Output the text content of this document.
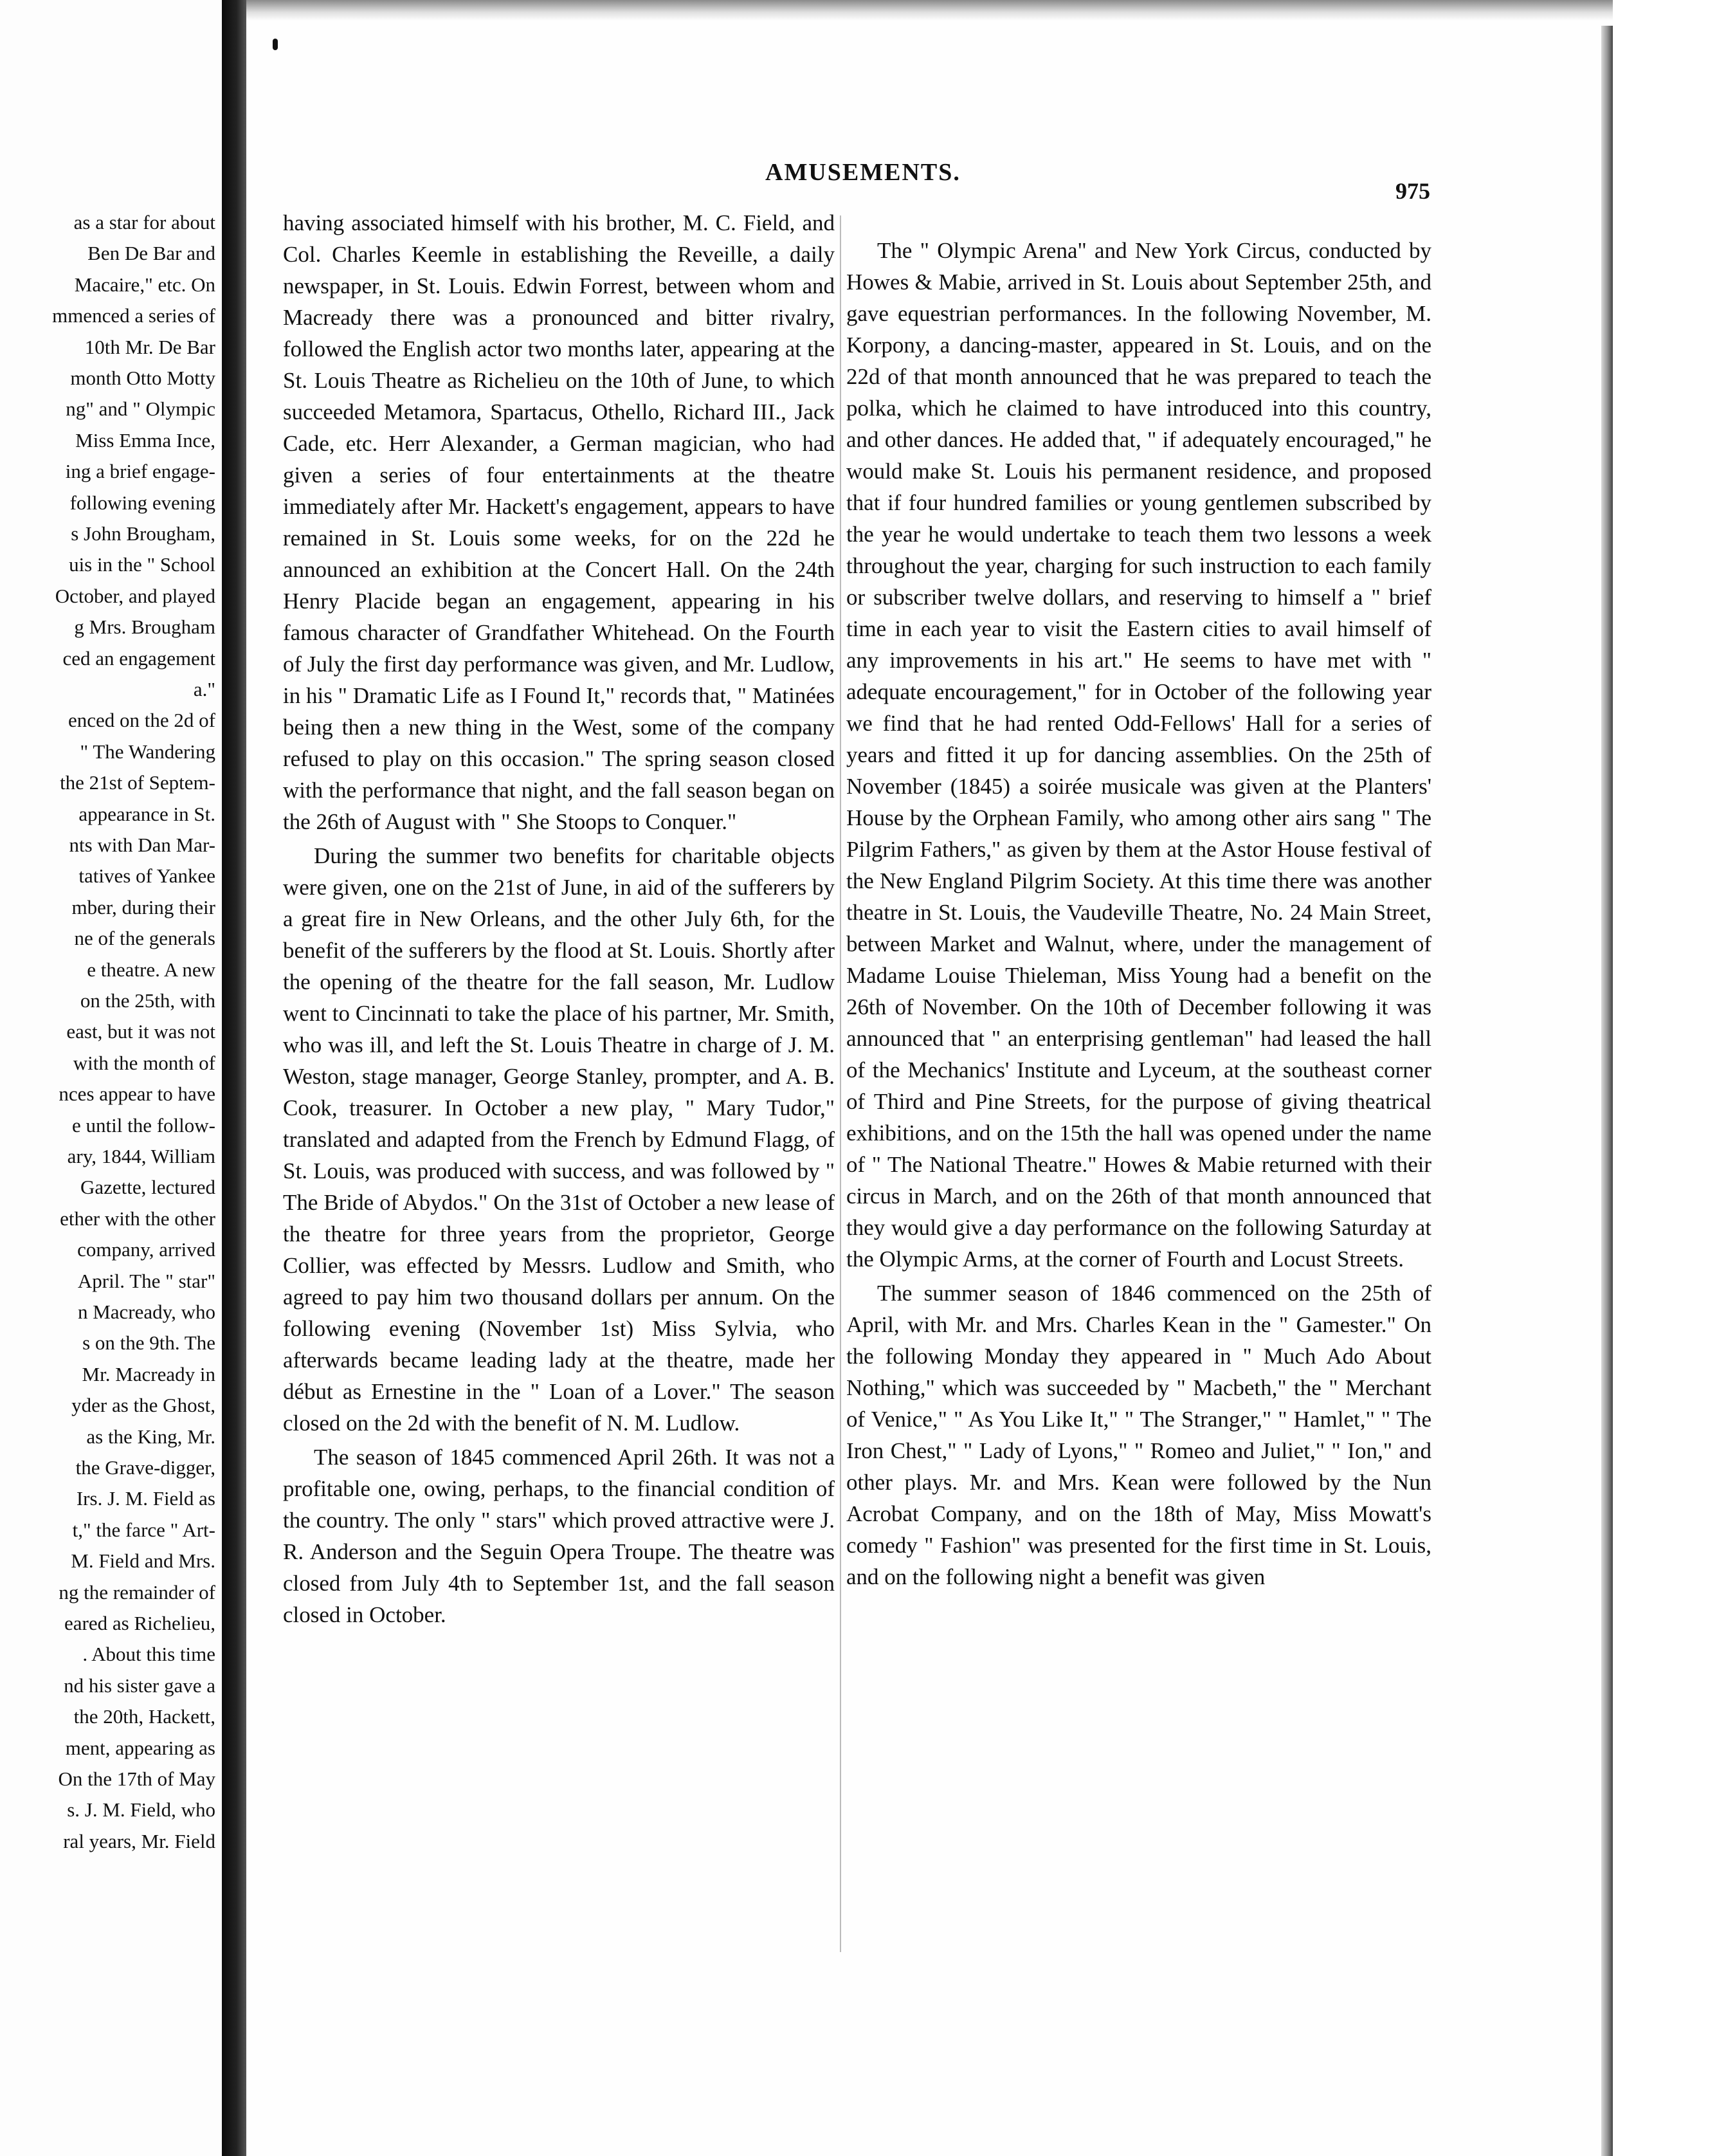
as a star for about
Ben De Bar and
Macaire," etc. On
mmenced a series of
10th Mr. De Bar
month Otto Motty
ng" and " Olympic
Miss Emma Ince,
ing a brief engage-
following evening
s John Brougham,
uis in the " School
October, and played
g Mrs. Brougham
ced an engagement
a."
enced on the 2d of
" The Wandering
the 21st of Septem-
appearance in St.
nts with Dan Mar-
tatives of Yankee
mber, during their
ne of the generals
e theatre. A new
on the 25th, with
east, but it was not
with the month of
nces appear to have
e until the follow-
ary, 1844, William
Gazette, lectured
ether with the other
company, arrived
April. The " star"
n Macready, who
s on the 9th. The
Mr. Macready in
yder as the Ghost,
as the King, Mr.
the Grave-digger,
Irs. J. M. Field as
t," the farce " Art-
M. Field and Mrs.
ng the remainder of
eared as Richelieu,
. About this time
nd his sister gave a
the 20th, Hackett,
ment, appearing as
On the 17th of May
s. J. M. Field, who
ral years, Mr. Field
AMUSEMENTS.
975

having associated himself with his brother, M. C. Field, and Col. Charles Keemle in establishing the Reveille, a daily newspaper, in St. Louis. Edwin Forrest, between whom and Macready there was a pronounced and bitter rivalry, followed the English actor two months later, appearing at the St. Louis Theatre as Richelieu on the 10th of June, to which succeeded Metamora, Spartacus, Othello, Richard III., Jack Cade, etc. Herr Alexander, a German magician, who had given a series of four entertainments at the theatre immediately after Mr. Hackett's engagement, appears to have remained in St. Louis some weeks, for on the 22d he announced an exhibition at the Concert Hall. On the 24th Henry Placide began an engagement, appearing in his famous character of Grandfather Whitehead. On the Fourth of July the first day performance was given, and Mr. Ludlow, in his " Dramatic Life as I Found It," records that, " Matinées being then a new thing in the West, some of the company refused to play on this occasion." The spring season closed with the performance that night, and the fall season began on the 26th of August with " She Stoops to Conquer."

During the summer two benefits for charitable objects were given, one on the 21st of June, in aid of the sufferers by a great fire in New Orleans, and the other July 6th, for the benefit of the sufferers by the flood at St. Louis. Shortly after the opening of the theatre for the fall season, Mr. Ludlow went to Cincinnati to take the place of his partner, Mr. Smith, who was ill, and left the St. Louis Theatre in charge of J. M. Weston, stage manager, George Stanley, prompter, and A. B. Cook, treasurer. In October a new play, " Mary Tudor," translated and adapted from the French by Edmund Flagg, of St. Louis, was produced with success, and was followed by " The Bride of Abydos." On the 31st of October a new lease of the theatre for three years from the proprietor, George Collier, was effected by Messrs. Ludlow and Smith, who agreed to pay him two thousand dollars per annum. On the following evening (November 1st) Miss Sylvia, who afterwards became leading lady at the theatre, made her début as Ernestine in the " Loan of a Lover." The season closed on the 2d with the benefit of N. M. Ludlow.

The season of 1845 commenced April 26th. It was not a profitable one, owing, perhaps, to the financial condition of the country. The only " stars" which proved attractive were J. R. Anderson and the Seguin Opera Troupe. The theatre was closed from July 4th to September 1st, and the fall season closed in October.

The " Olympic Arena" and New York Circus, conducted by Howes & Mabie, arrived in St. Louis about September 25th, and gave equestrian performances. In the following November, M. Korpony, a dancing-master, appeared in St. Louis, and on the 22d of that month announced that he was prepared to teach the polka, which he claimed to have introduced into this country, and other dances. He added that, " if adequately encouraged," he would make St. Louis his permanent residence, and proposed that if four hundred families or young gentlemen subscribed by the year he would undertake to teach them two lessons a week throughout the year, charging for such instruction to each family or subscriber twelve dollars, and reserving to himself a " brief time in each year to visit the Eastern cities to avail himself of any improvements in his art." He seems to have met with " adequate encouragement," for in October of the following year we find that he had rented Odd-Fellows' Hall for a series of years and fitted it up for dancing assemblies. On the 25th of November (1845) a soirée musicale was given at the Planters' House by the Orphean Family, who among other airs sang " The Pilgrim Fathers," as given by them at the Astor House festival of the New England Pilgrim Society. At this time there was another theatre in St. Louis, the Vaudeville Theatre, No. 24 Main Street, between Market and Walnut, where, under the management of Madame Louise Thieleman, Miss Young had a benefit on the 26th of November. On the 10th of December following it was announced that " an enterprising gentleman" had leased the hall of the Mechanics' Institute and Lyceum, at the southeast corner of Third and Pine Streets, for the purpose of giving theatrical exhibitions, and on the 15th the hall was opened under the name of " The National Theatre." Howes & Mabie returned with their circus in March, and on the 26th of that month announced that they would give a day performance on the following Saturday at the Olympic Arms, at the corner of Fourth and Locust Streets.

The summer season of 1846 commenced on the 25th of April, with Mr. and Mrs. Charles Kean in the " Gamester." On the following Monday they appeared in " Much Ado About Nothing," which was succeeded by " Macbeth," the " Merchant of Venice," " As You Like It," " The Stranger," " Hamlet," " The Iron Chest," " Lady of Lyons," " Romeo and Juliet," " Ion," and other plays. Mr. and Mrs. Kean were followed by the Nun Acrobat Company, and on the 18th of May, Miss Mowatt's comedy " Fashion" was presented for the first time in St. Louis, and on the following night a benefit was given
